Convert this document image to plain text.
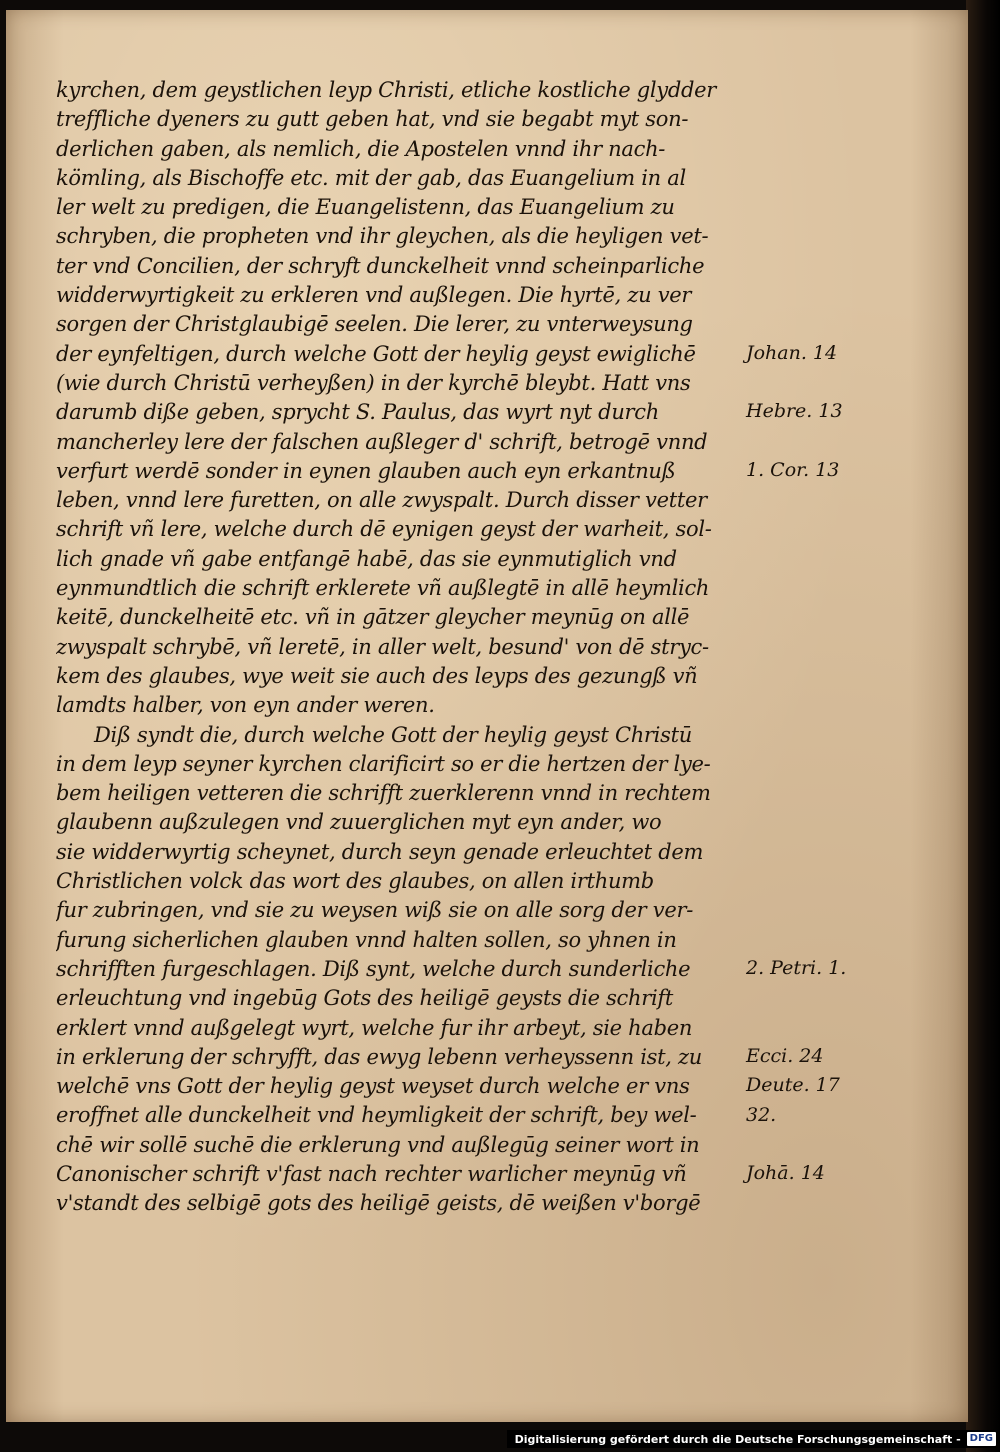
kyrchen, dem geystlichen leyp Christi, etliche kostliche glydder
treffliche dyeners zu gutt geben hat, vnd sie begabt myt son-
derlichen gaben, als nemlich, die Apostelen vnnd ihr nach-
kömling, als Bischoffe etc. mit der gab, das Euangelium in al
ler welt zu predigen, die Euangelistenn, das Euangelium zu
schryben, die propheten vnd ihr gleychen, als die heyligen vet-
ter vnd Concilien, der schryft dunckelheit vnnd scheinparliche
widderwyrtigkeit zu erkleren vnd außlegen. Die hyrtē, zu ver
sorgen der Christglaubigē seelen. Die lerer, zu vnterweysung
der eynfeltigen, durch welche Gott der heylig geyst ewiglichē
(wie durch Christū verheyßen) in der kyrchē bleybt. Hatt vns
darumb diße geben, sprycht S. Paulus, das wyrt nyt durch
mancherley lere der falschen außleger d' schrift, betrogē vnnd
verfurt werdē sonder in eynen glauben auch eyn erkantnuß
leben, vnnd lere furetten, on alle zwyspalt. Durch disser vetter
schrift vñ lere, welche durch dē eynigen geyst der warheit, sol-
lich gnade vñ gabe entfangē habē, das sie eynmutiglich vnd
eynmundtlich die schrift erklerete vñ außlegtē in allē heymlich
keitē, dunckelheitē etc. vñ in gātzer gleycher meynūg on allē
zwyspalt schrybē, vñ leretē, in aller welt, besund' von dē stryc-
kem des glaubes, wye weit sie auch des leyps des gezungß vñ
lamdts halber, von eyn ander weren.
Diß syndt die, durch welche Gott der heylig geyst Christū
in dem leyp seyner kyrchen clarificirt so er die hertzen der lye-
bem heiligen vetteren die schrifft zuerklerenn vnnd in rechtem
glaubenn außzulegen vnd zuuerglichen myt eyn ander, wo
sie widderwyrtig scheynet, durch seyn genade erleuchtet dem
Christlichen volck das wort des glaubes, on allen irthumb
fur zubringen, vnd sie zu weysen wiß sie on alle sorg der ver-
furung sicherlichen glauben vnnd halten sollen, so yhnen in
schrifften furgeschlagen. Diß synt, welche durch sunderliche
erleuchtung vnd ingebūg Gots des heiligē geysts die schrift
erklert vnnd außgelegt wyrt, welche fur ihr arbeyt, sie haben
in erklerung der schryfft, das ewyg lebenn verheyssenn ist, zu
welchē vns Gott der heylig geyst weyset durch welche er vns
eroffnet alle dunckelheit vnd heymligkeit der schrift, bey wel-
chē wir sollē suchē die erklerung vnd außlegūg seiner wort in
Canonischer schrift v'fast nach rechter warlicher meynūg vñ
v'standt des selbigē gots des heiligē geists, dē weißen v'borgē
Johan. 14
Hebre. 13
1. Cor. 13
2. Petri. 1.
Ecci. 24
Deute. 17
32.
Johā. 14
Digitalisierung gefördert durch die Deutsche Forschungsgemeinschaft - DFG
